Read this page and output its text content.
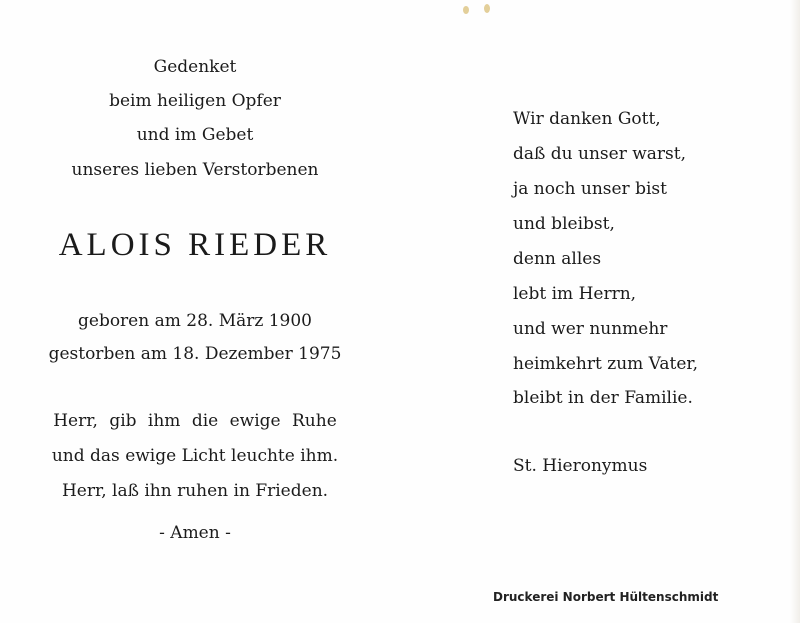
Gedenket
beim heiligen Opfer
und im Gebet
unseres lieben Verstorbenen
ALOIS RIEDER
geboren am 28. März 1900
gestorben am 18. Dezember 1975
Herr, gib ihm die ewige Ruhe
und das ewige Licht leuchte ihm.
Herr, laß ihn ruhen in Frieden.
- Amen -
Wir danken Gott,
daß du unser warst,
ja noch unser bist
und bleibst,
denn alles
lebt im Herrn,
und wer nunmehr
heimkehrt zum Vater,
bleibt in der Familie.
St. Hieronymus
Druckerei Norbert Hültenschmidt
